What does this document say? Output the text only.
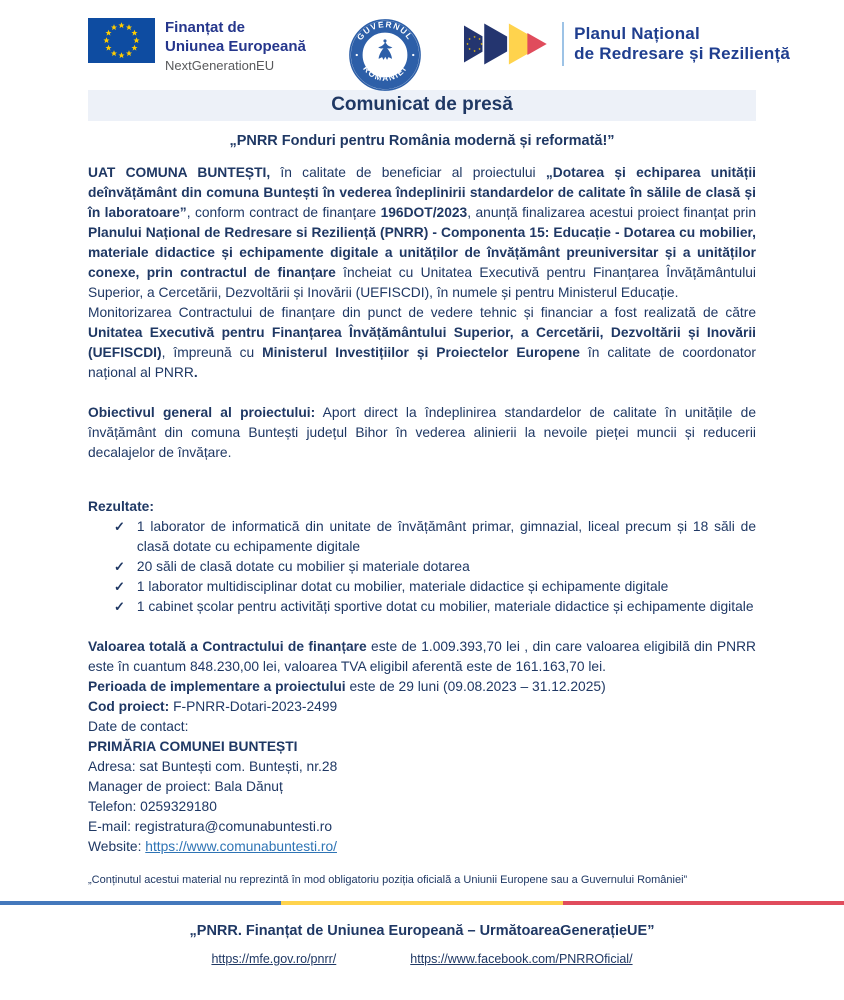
Finanțat de
Uniunea Europeană
NextGenerationEU
GUVERNUL
ROMÂNIEI
Planul Național
de Redresare și Reziliență
Comunicat de presă
„PNRR Fonduri pentru România modernă și reformată!”

UAT COMUNA BUNTEȘTI, în calitate de beneficiar al proiectului „Dotarea și echiparea unității deînvățământ din comuna Buntești în vederea îndeplinirii standardelor de calitate în sălile de clasă și în laboratoare”, conform contract de finanțare 196DOT/2023, anunță finalizarea acestui proiect finanțat prin Planului Național de Redresare si Reziliență (PNRR) - Componenta 15: Educație - Dotarea cu mobilier, materiale didactice și echipamente digitale a unităților de învățământ preuniversitar și a unităților conexe, prin contractul de finanțare încheiat cu Unitatea Executivă pentru Finanțarea Învățământului Superior, a Cercetării, Dezvoltării și Inovării (UEFISCDI), în numele și pentru Ministerul Educație.

Monitorizarea Contractului de finanțare din punct de vedere tehnic și financiar a fost realizată de către Unitatea Executivă pentru Finanțarea Învățământului Superior, a Cercetării, Dezvoltării și Inovării (UEFISCDI), împreună cu Ministerul Investițiilor și Proiectelor Europene în calitate de coordonator național al PNRR.

Obiectivul general al proiectului: Aport direct la îndeplinirea standardelor de calitate în unitățile de învățământ din comuna Buntești județul Bihor în vederea alinierii la nevoile pieței muncii și reducerii decalajelor de învățare.

Rezultate:

✓ 1 laborator de informatică din unitate de învățământ primar, gimnazial, liceal precum și 18 săli de clasă dotate cu echipamente digitale
✓ 20 săli de clasă dotate cu mobilier și materiale dotarea
✓ 1 laborator multidisciplinar dotat cu mobilier, materiale didactice și echipamente digitale
✓ 1 cabinet școlar pentru activități sportive dotat cu mobilier, materiale didactice și echipamente digitale

Valoarea totală a Contractului de finanțare este de 1.009.393,70 lei , din care valoarea eligibilă din PNRR este în cuantum 848.230,00 lei, valoarea TVA eligibil aferentă este de 161.163,70 lei.

Perioada de implementare a proiectului este de 29 luni (09.08.2023 – 31.12.2025)

Cod proiect: F-PNRR-Dotari-2023-2499

Date de contact:

PRIMĂRIA COMUNEI BUNTEȘTI

Adresa: sat Buntești com. Buntești, nr.28

Manager de proiect: Bala Dănuț

Telefon: 0259329180

E-mail: registratura@comunabuntesti.ro

Website: https://www.comunabuntesti.ro/

„Conținutul acestui material nu reprezintă în mod obligatoriu poziția oficială a Uniunii Europene sau a Guvernului României”
„PNRR. Finanțat de Uniunea Europeană – UrmătoareaGenerațieUE”
https://mfe.gov.ro/pnrr/	https://www.facebook.com/PNRROficial/
